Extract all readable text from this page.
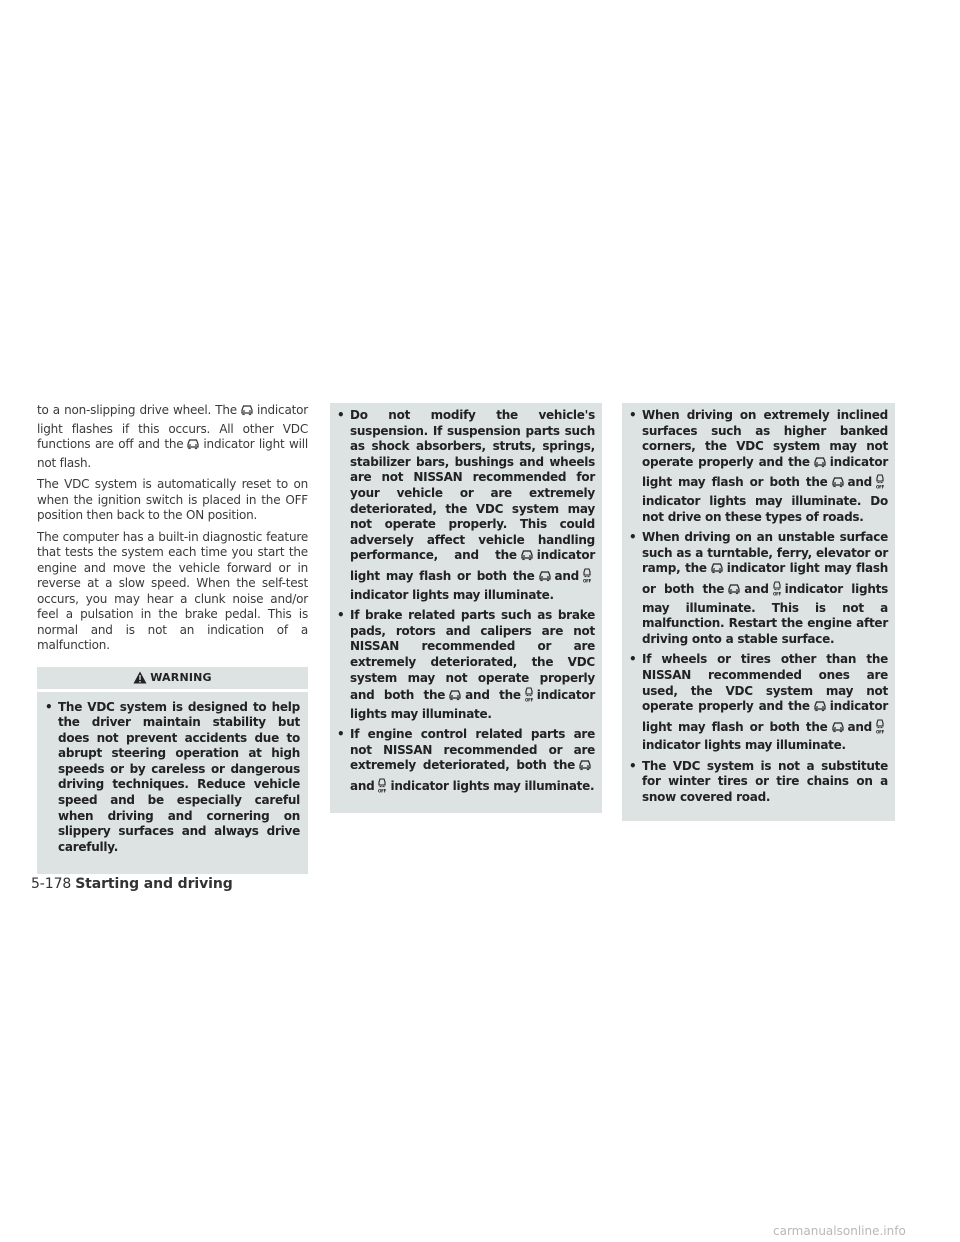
to a non-slipping drive wheel. The indicator light flashes if this occurs. All other VDC functions are off and the indicator light will not flash.

The VDC system is automatically reset to on when the ignition switch is placed in the OFF position then back to the ON position.

The computer has a built-in diagnostic feature that tests the system each time you start the engine and move the vehicle forward or in reverse at a slow speed. When the self-test occurs, you may hear a clunk noise and/or feel a pulsation in the brake pedal. This is normal and is not an indication of a malfunction.

WARNING
• The VDC system is designed to help the driver maintain stability but does not prevent accidents due to abrupt steering operation at high speeds or by careless or dangerous driving techniques. Reduce vehicle speed and be especially careful when driving and cornering on slippery surfaces and always drive carefully.
• Do not modify the vehicle's suspension. If suspension parts such as shock absorbers, struts, springs, stabilizer bars, bushings and wheels are not NISSAN recommended for your vehicle or are extremely deteriorated, the VDC system may not operate properly. This could adversely affect vehicle handling performance, and the indicator light may flash or both the and OFF
indicator lights may illuminate.
• If brake related parts such as brake pads, rotors and calipers are not NISSAN recommended or are extremely deteriorated, the VDC system may not operate properly and both the and the OFF indicator lights may illuminate.
• If engine control related parts are not NISSAN recommended or are extremely deteriorated, both theand OFF indicator lights may illuminate.
• When driving on extremely inclined surfaces such as higher banked corners, the VDC system may not operate properly and the indicator light may flash or both the and OFF
indicator lights may illuminate. Do not drive on these types of roads.
• When driving on an unstable surface such as a turntable, ferry, elevator or ramp, the indicator light may flash or both the and OFF indicator lights may illuminate. This is not a malfunction. Restart the engine after driving onto a stable surface.
• If wheels or tires other than the NISSAN recommended ones are used, the VDC system may not operate properly and the indicator light may flash or both the and OFF
indicator lights may illuminate.
• The VDC system is not a substitute for winter tires or tire chains on a snow covered road.
5-178 Starting and driving
carmanualsonline.info
